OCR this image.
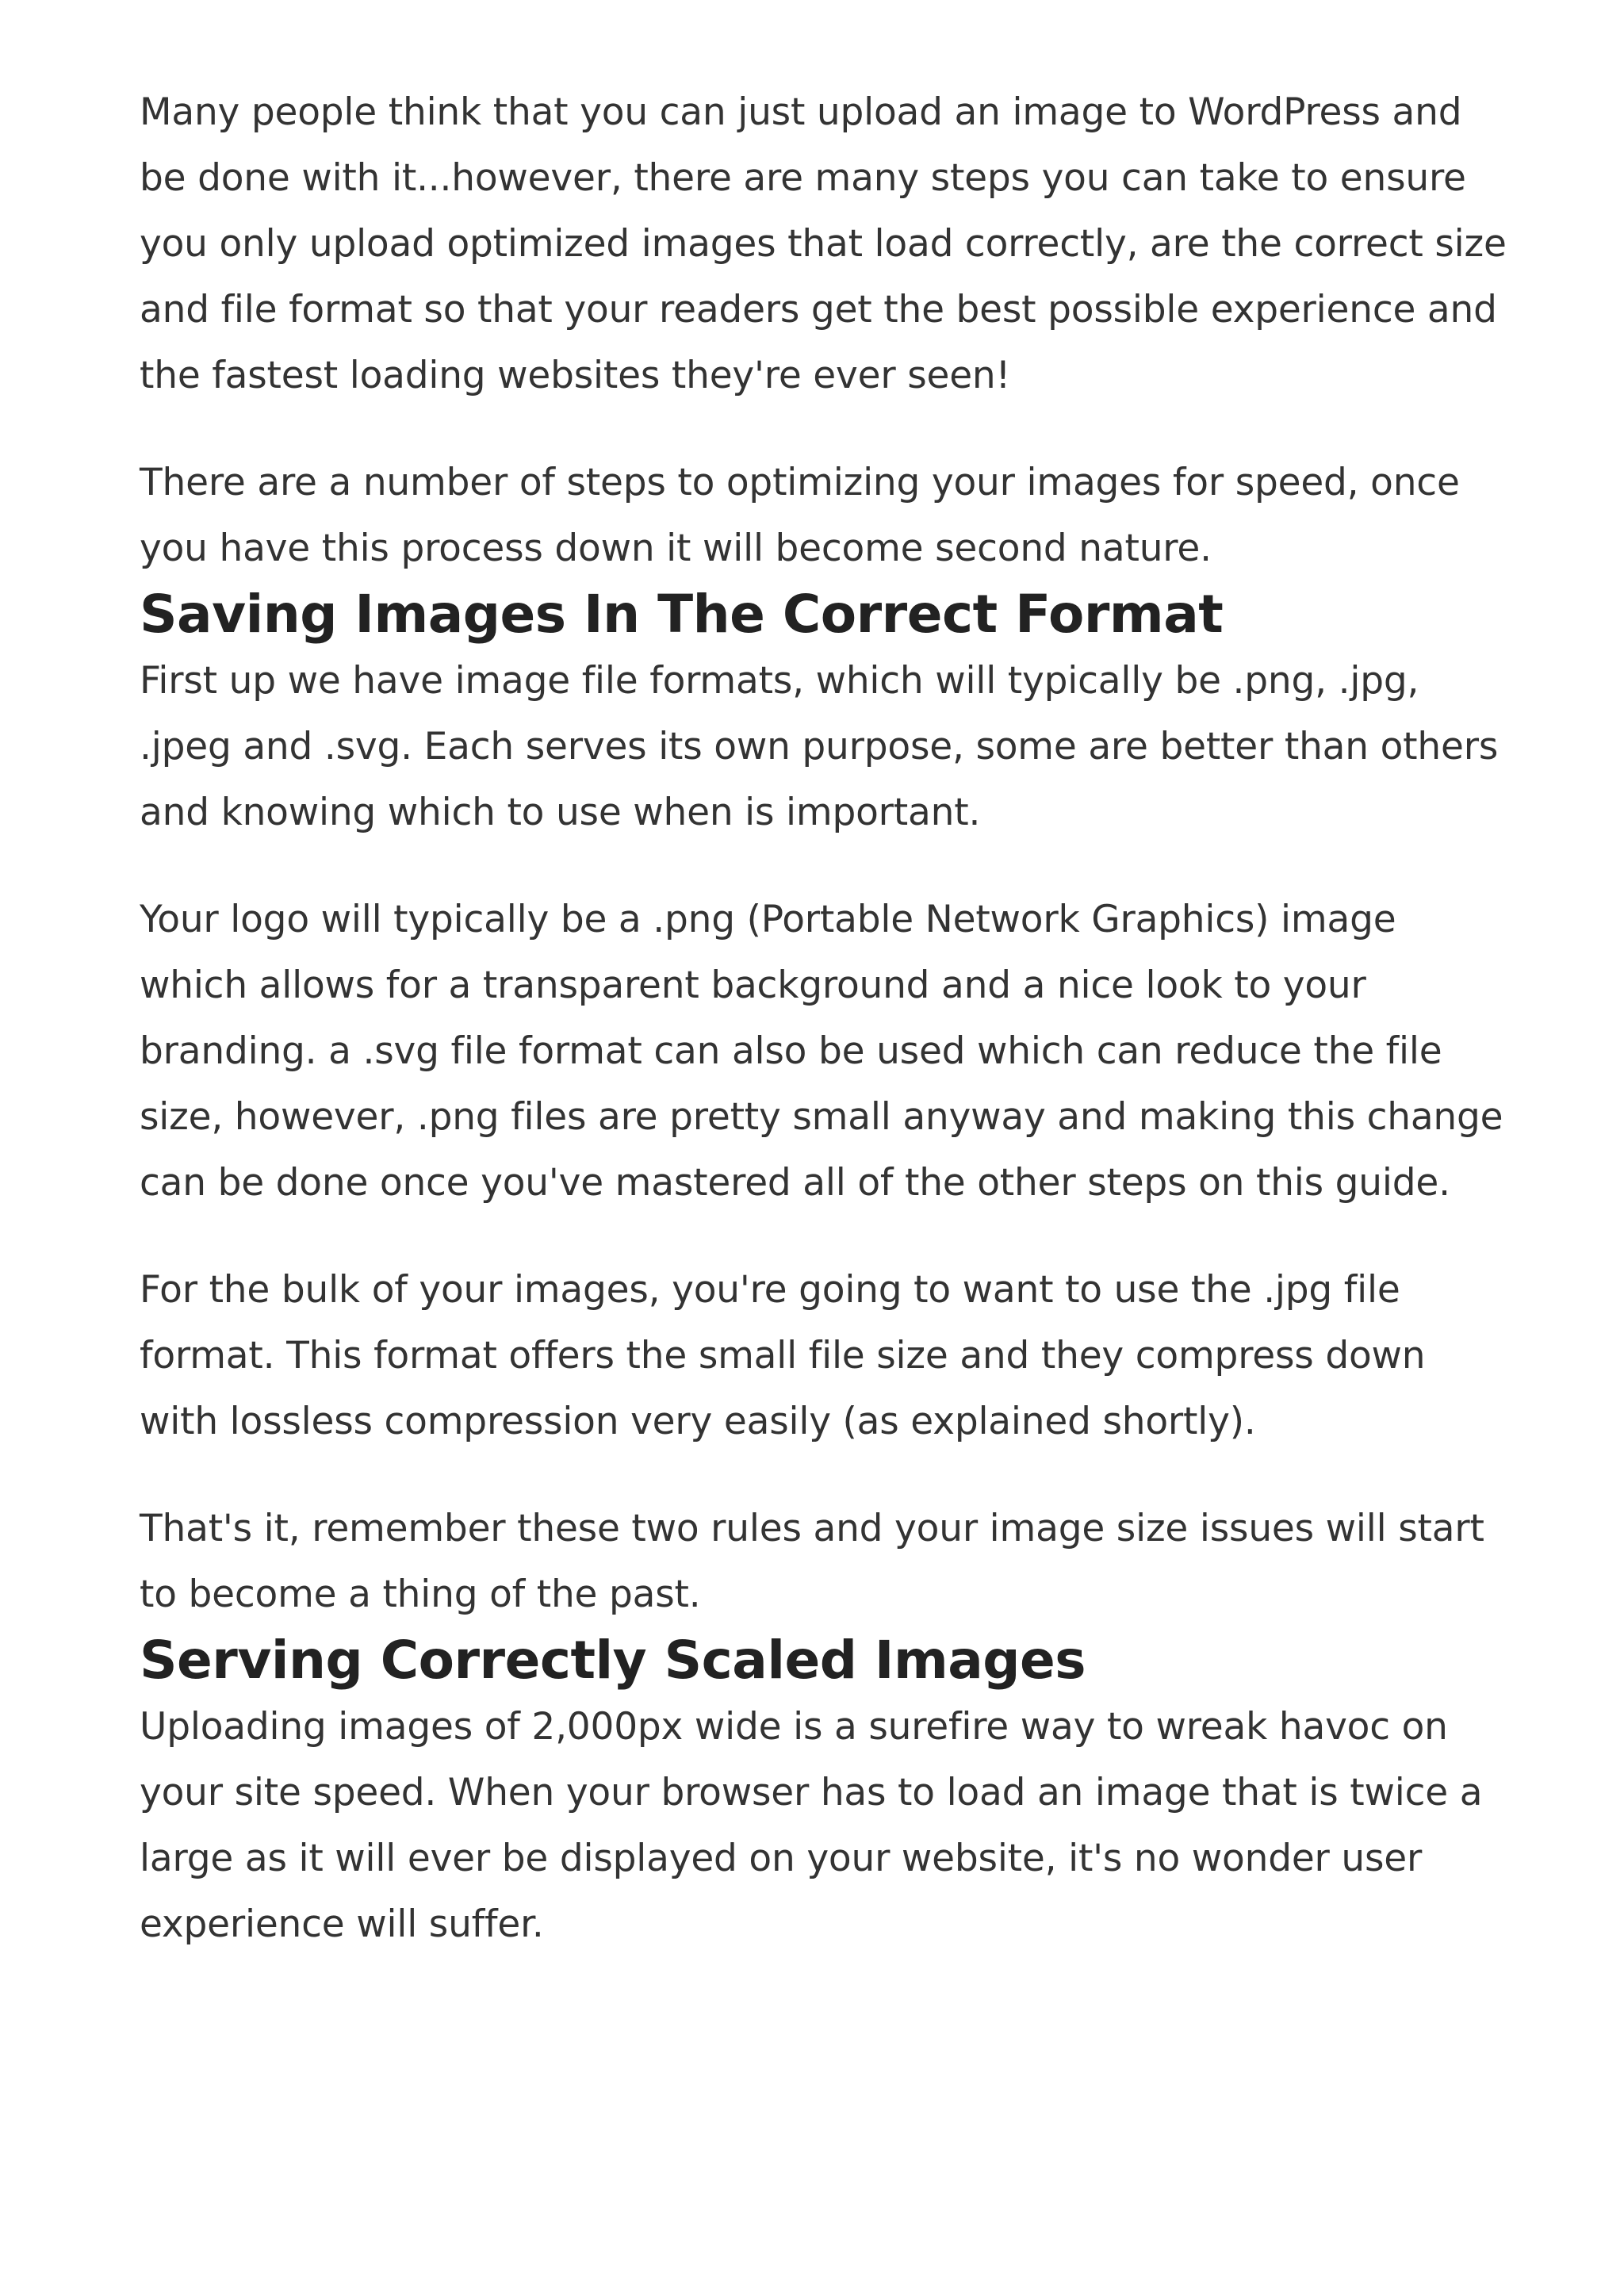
Many people think that you can just upload an image to WordPress and be done with it...however, there are many steps you can take to ensure you only upload optimized images that load correctly, are the correct size and file format so that your readers get the best possible experience and the fastest loading websites they're ever seen!

There are a number of steps to optimizing your images for speed, once you have this process down it will become second nature.

Saving Images In The Correct Format

First up we have image file formats, which will typically be .png, .jpg, .jpeg and .svg. Each serves its own purpose, some are better than others and knowing which to use when is important.

Your logo will typically be a .png (Portable Network Graphics) image which allows for a transparent background and a nice look to your branding. a .svg file format can also be used which can reduce the file size, however, .png files are pretty small anyway and making this change can be done once you've mastered all of the other steps on this guide.

For the bulk of your images, you're going to want to use the .jpg file format. This format offers the small file size and they compress down with lossless compression very easily (as explained shortly).

That's it, remember these two rules and your image size issues will start to become a thing of the past.

Serving Correctly Scaled Images

Uploading images of 2,000px wide is a surefire way to wreak havoc on your site speed. When your browser has to load an image that is twice a large as it will ever be displayed on your website, it's no wonder user experience will suffer.
